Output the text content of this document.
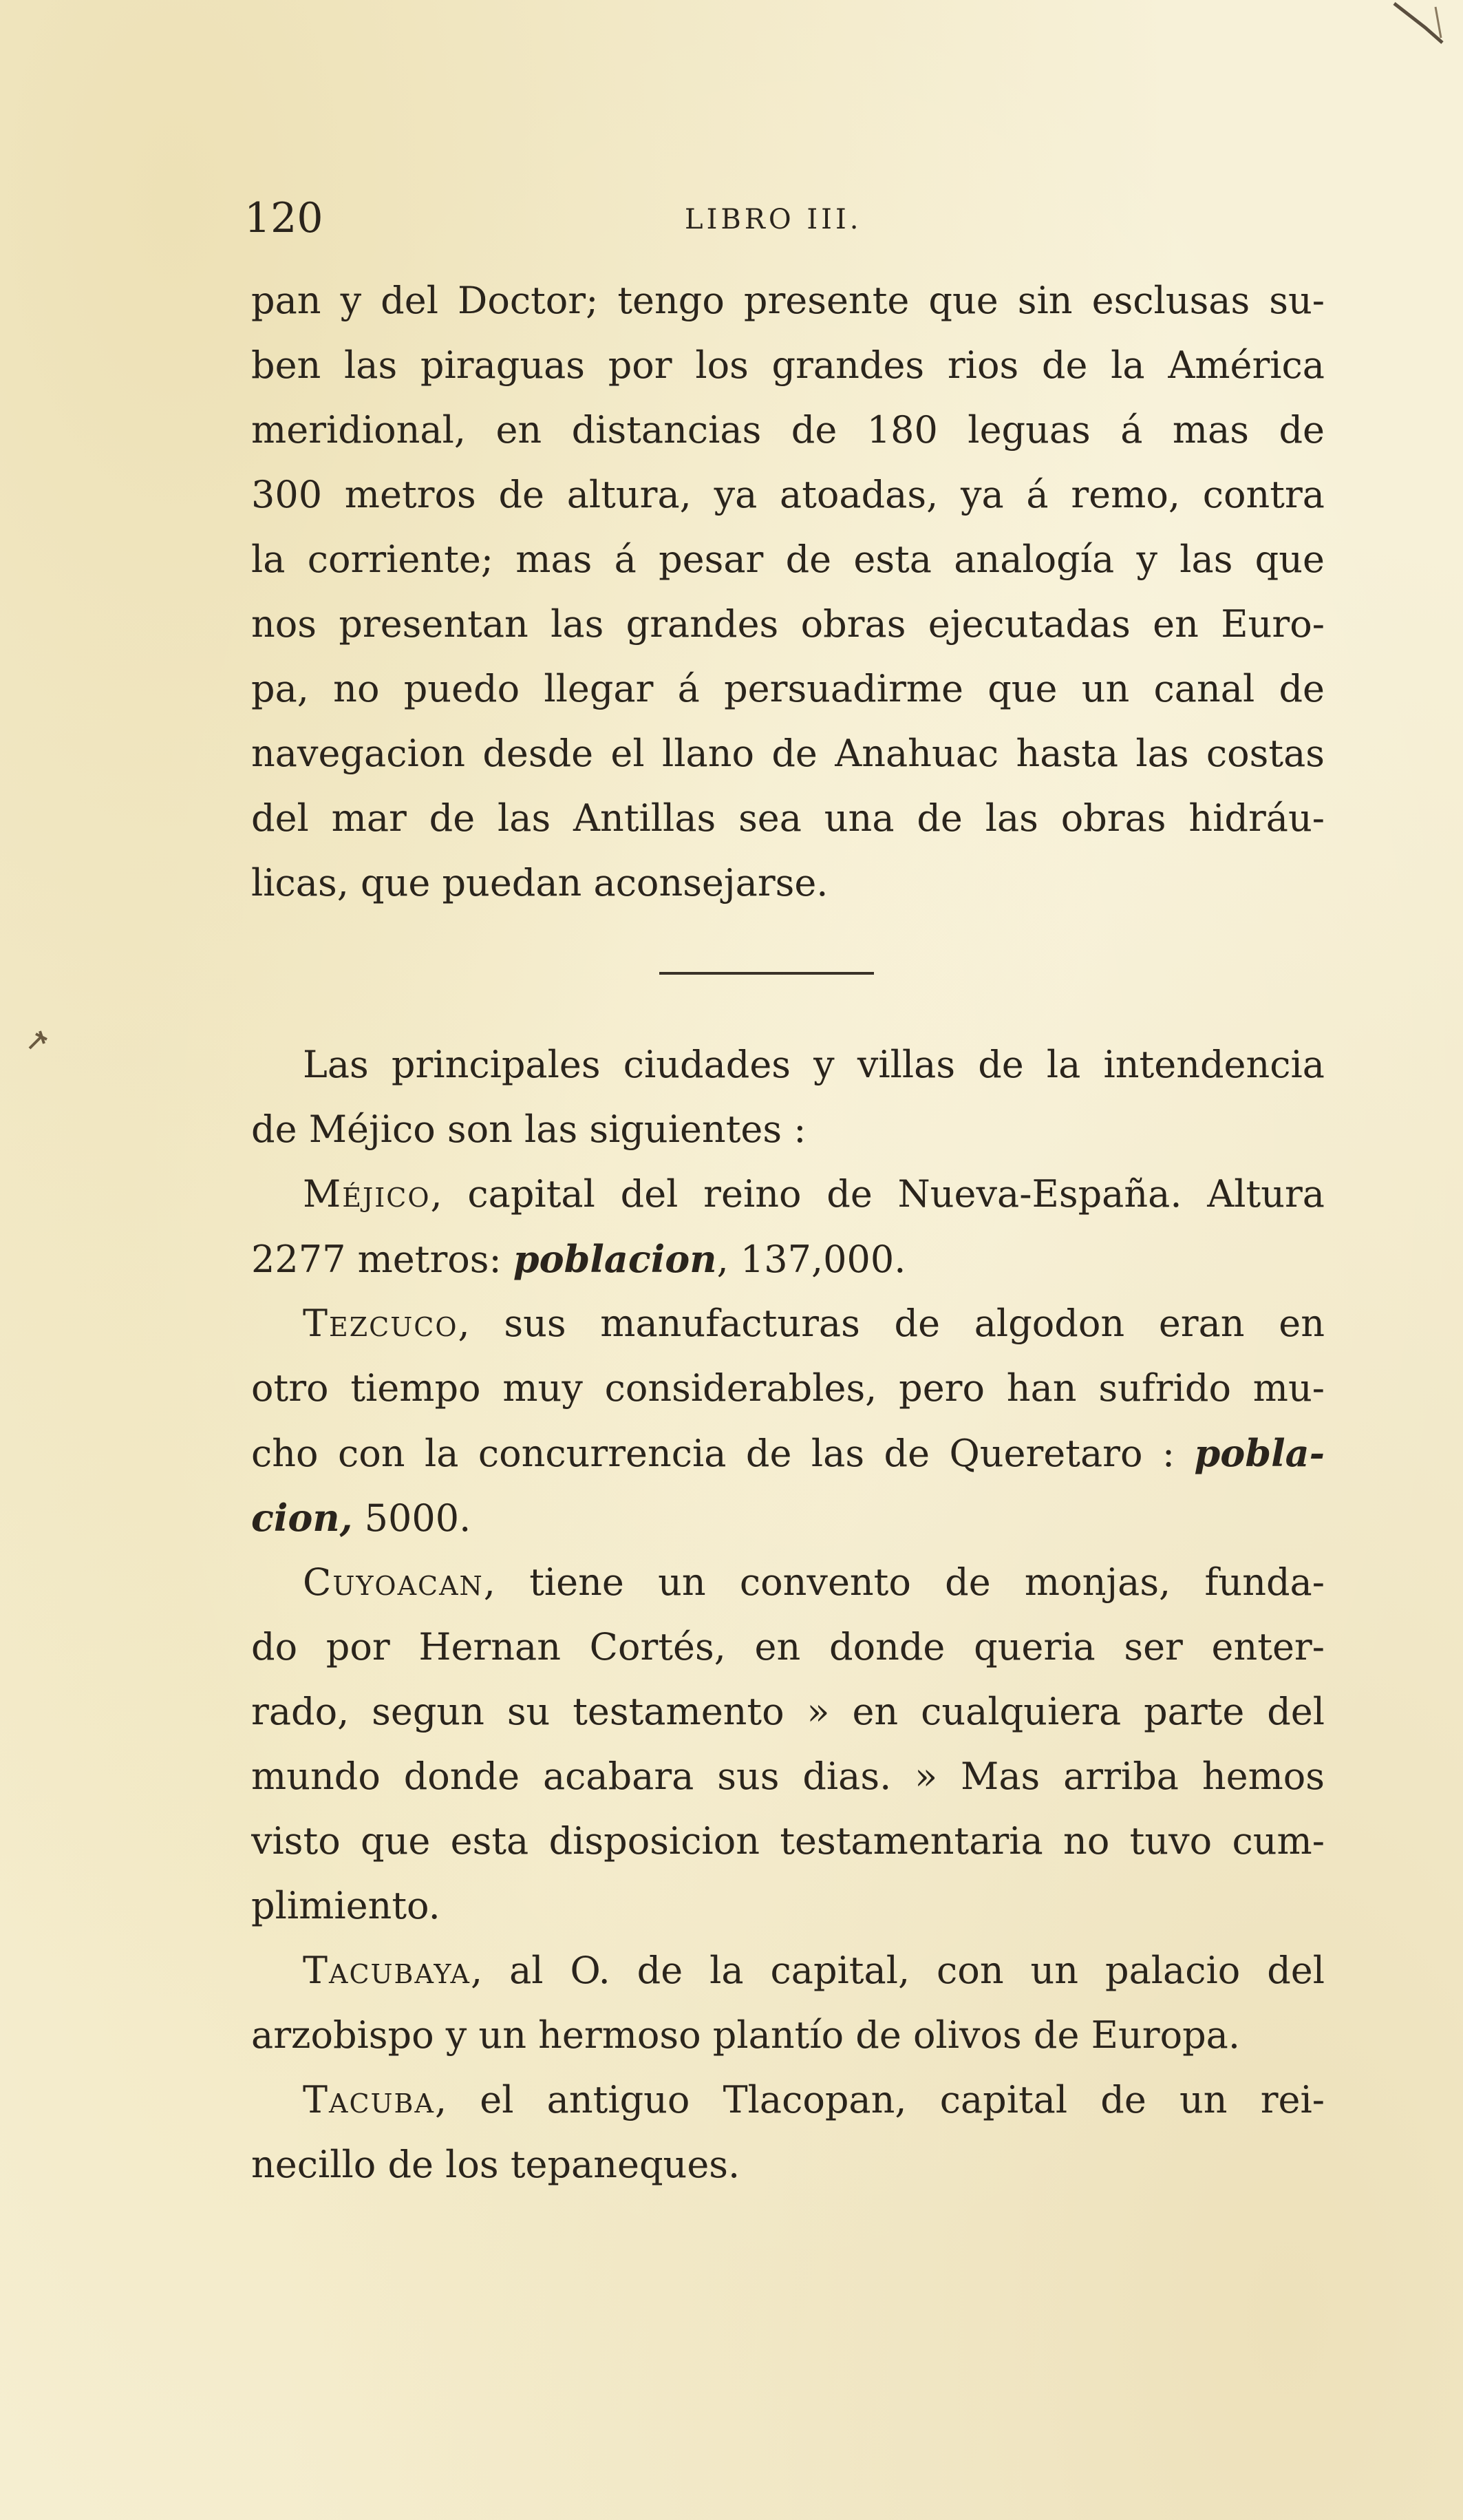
120	LIBRO III.
pan y del Doctor; tengo presente que sin esclusas su-
ben las piraguas por los grandes rios de la América
meridional, en distancias de 180 leguas á mas de
300 metros de altura, ya atoadas, ya á remo, contra
la corriente; mas á pesar de esta analogía y las que
nos presentan las grandes obras ejecutadas en Euro-
pa, no puedo llegar á persuadirme que un canal de
navegacion desde el llano de Anahuac hasta las costas
del mar de las Antillas sea una de las obras hidráu-
licas, que puedan aconsejarse.
Las principales ciudades y villas de la intendencia
de Méjico son las siguientes :
Méjico, capital del reino de Nueva-España. Altura
2277 metros: poblacion, 137,000.
Tezcuco, sus manufacturas de algodon eran en
otro tiempo muy considerables, pero han sufrido mu-
cho con la concurrencia de las de Queretaro : pobla-
cion, 5000.
Cuyoacan, tiene un convento de monjas, funda-
do por Hernan Cortés, en donde queria ser enter-
rado, segun su testamento » en cualquiera parte del
mundo donde acabara sus dias. » Mas arriba hemos
visto que esta disposicion testamentaria no tuvo cum-
plimiento.
Tacubaya, al O. de la capital, con un palacio del
arzobispo y un hermoso plantío de olivos de Europa.
Tacuba, el antiguo Tlacopan, capital de un rei-
necillo de los tepaneques.
